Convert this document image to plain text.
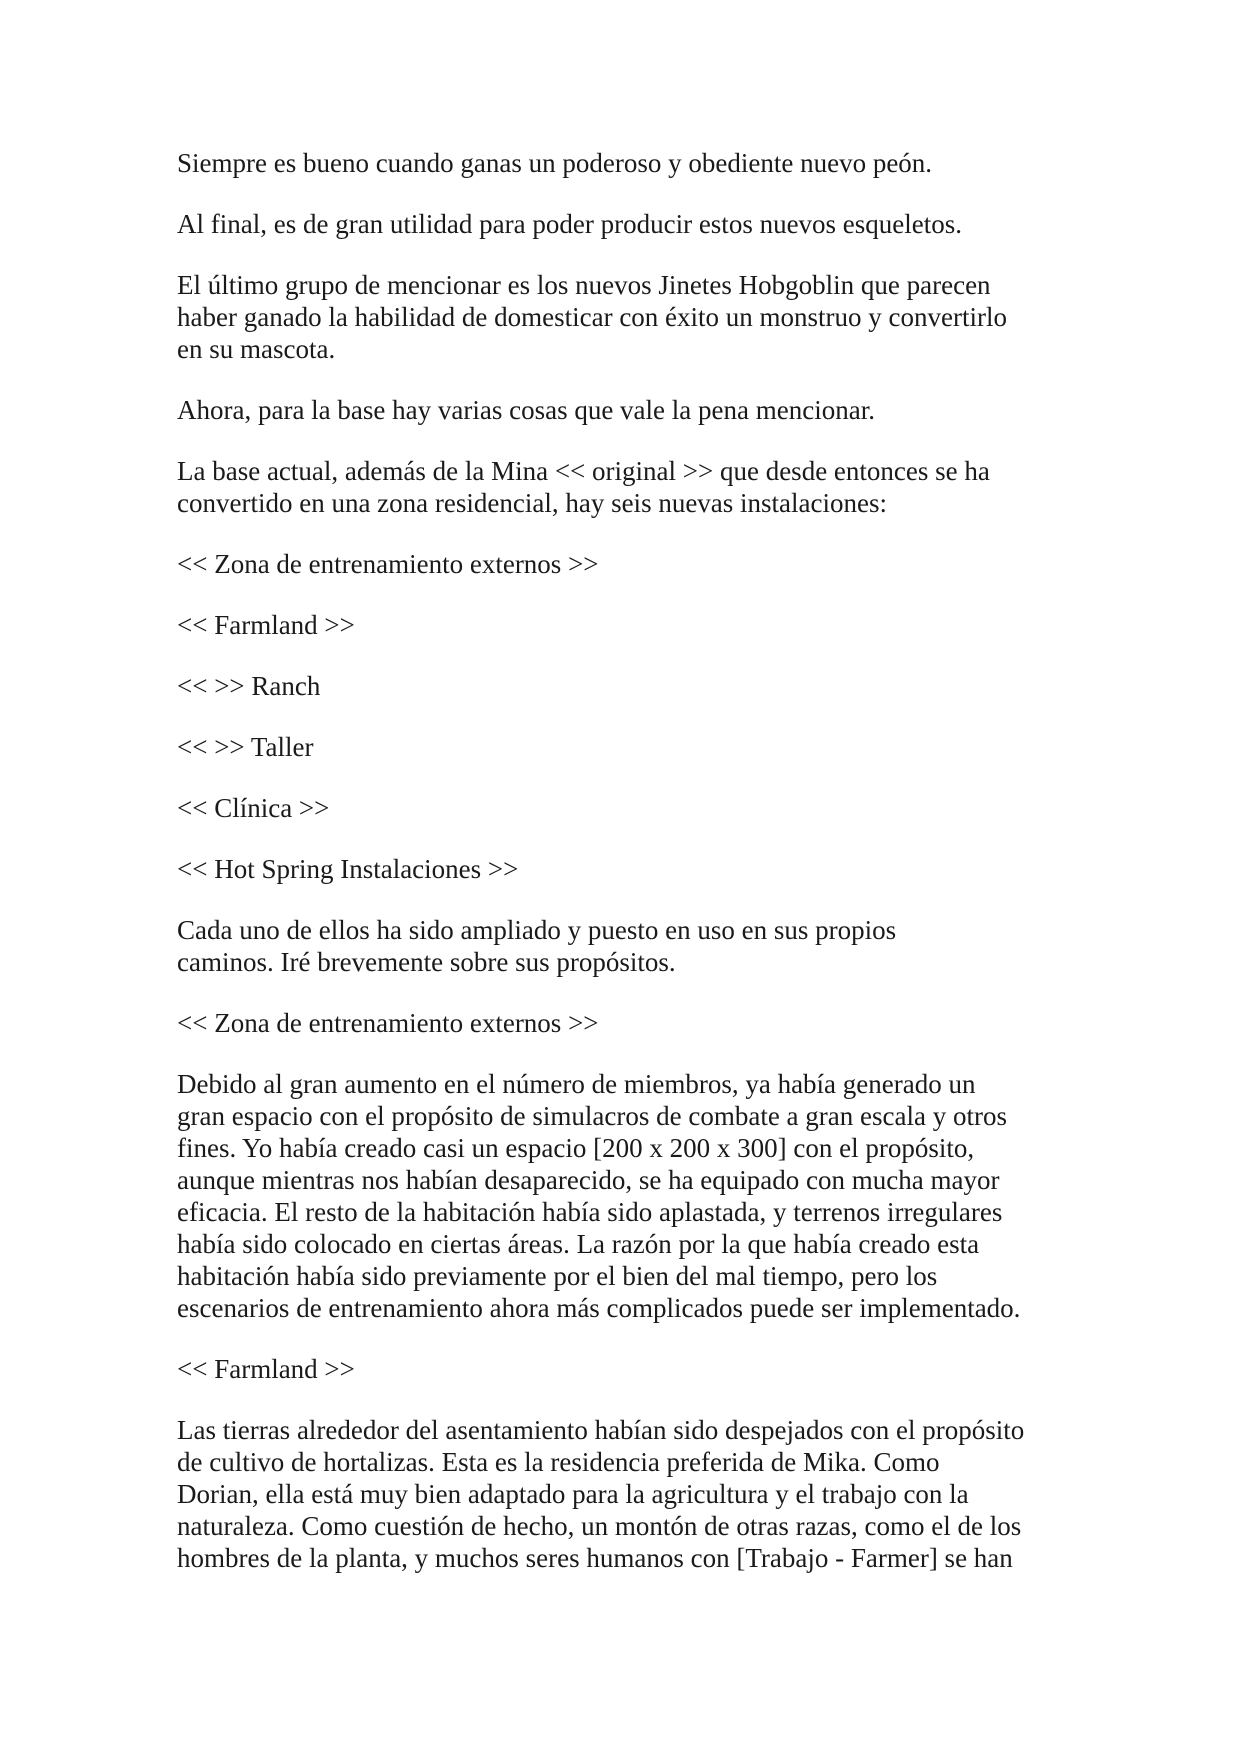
Siempre es bueno cuando ganas un poderoso y obediente nuevo peón.

Al final, es de gran utilidad para poder producir estos nuevos esqueletos.

El último grupo de mencionar es los nuevos Jinetes Hobgoblin que parecen
haber ganado la habilidad de domesticar con éxito un monstruo y convertirlo
en su mascota.

Ahora, para la base hay varias cosas que vale la pena mencionar.

La base actual, además de la Mina << original >> que desde entonces se ha
convertido en una zona residencial, hay seis nuevas instalaciones:

<< Zona de entrenamiento externos >>

<< Farmland >>

<< >> Ranch

<< >> Taller

<< Clínica >>

<< Hot Spring Instalaciones >>

Cada uno de ellos ha sido ampliado y puesto en uso en sus propios
caminos. Iré brevemente sobre sus propósitos.

<< Zona de entrenamiento externos >>

Debido al gran aumento en el número de miembros, ya había generado un
gran espacio con el propósito de simulacros de combate a gran escala y otros
fines. Yo había creado casi un espacio [200 x 200 x 300] con el propósito,
aunque mientras nos habían desaparecido, se ha equipado con mucha mayor
eficacia. El resto de la habitación había sido aplastada, y terrenos irregulares
había sido colocado en ciertas áreas. La razón por la que había creado esta
habitación había sido previamente por el bien del mal tiempo, pero los
escenarios de entrenamiento ahora más complicados puede ser implementado.

<< Farmland >>

Las tierras alrededor del asentamiento habían sido despejados con el propósito
de cultivo de hortalizas. Esta es la residencia preferida de Mika. Como
Dorian, ella está muy bien adaptado para la agricultura y el trabajo con la
naturaleza. Como cuestión de hecho, un montón de otras razas, como el de los
hombres de la planta, y muchos seres humanos con [Trabajo - Farmer] se han
